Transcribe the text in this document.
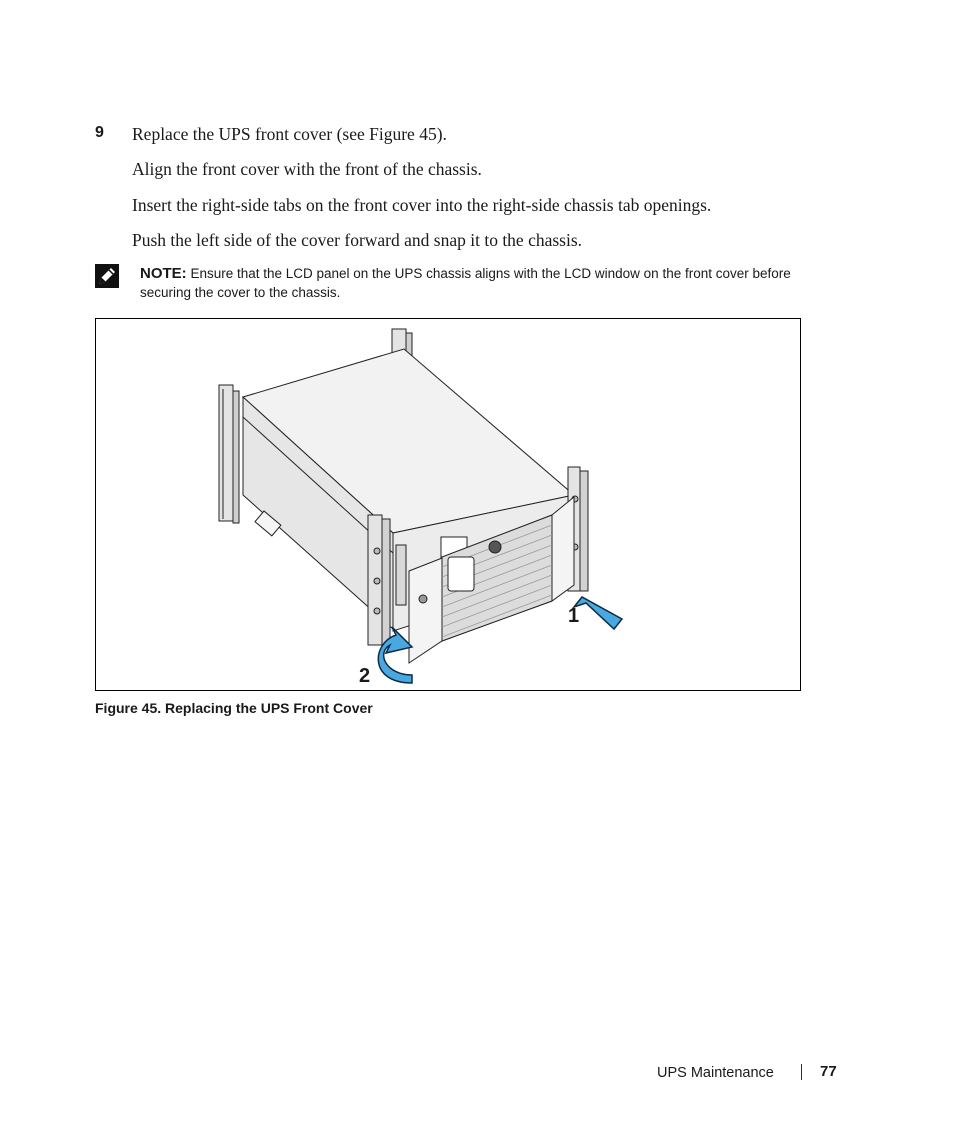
9 Replace the UPS front cover (see Figure 45).
Align the front cover with the front of the chassis.
Insert the right-side tabs on the front cover into the right-side chassis tab openings.
Push the left side of the cover forward and snap it to the chassis.
NOTE: Ensure that the LCD panel on the UPS chassis aligns with the LCD window on the front cover before securing the cover to the chassis.
1
2
Figure 45. Replacing the UPS Front Cover
UPS Maintenance	77
